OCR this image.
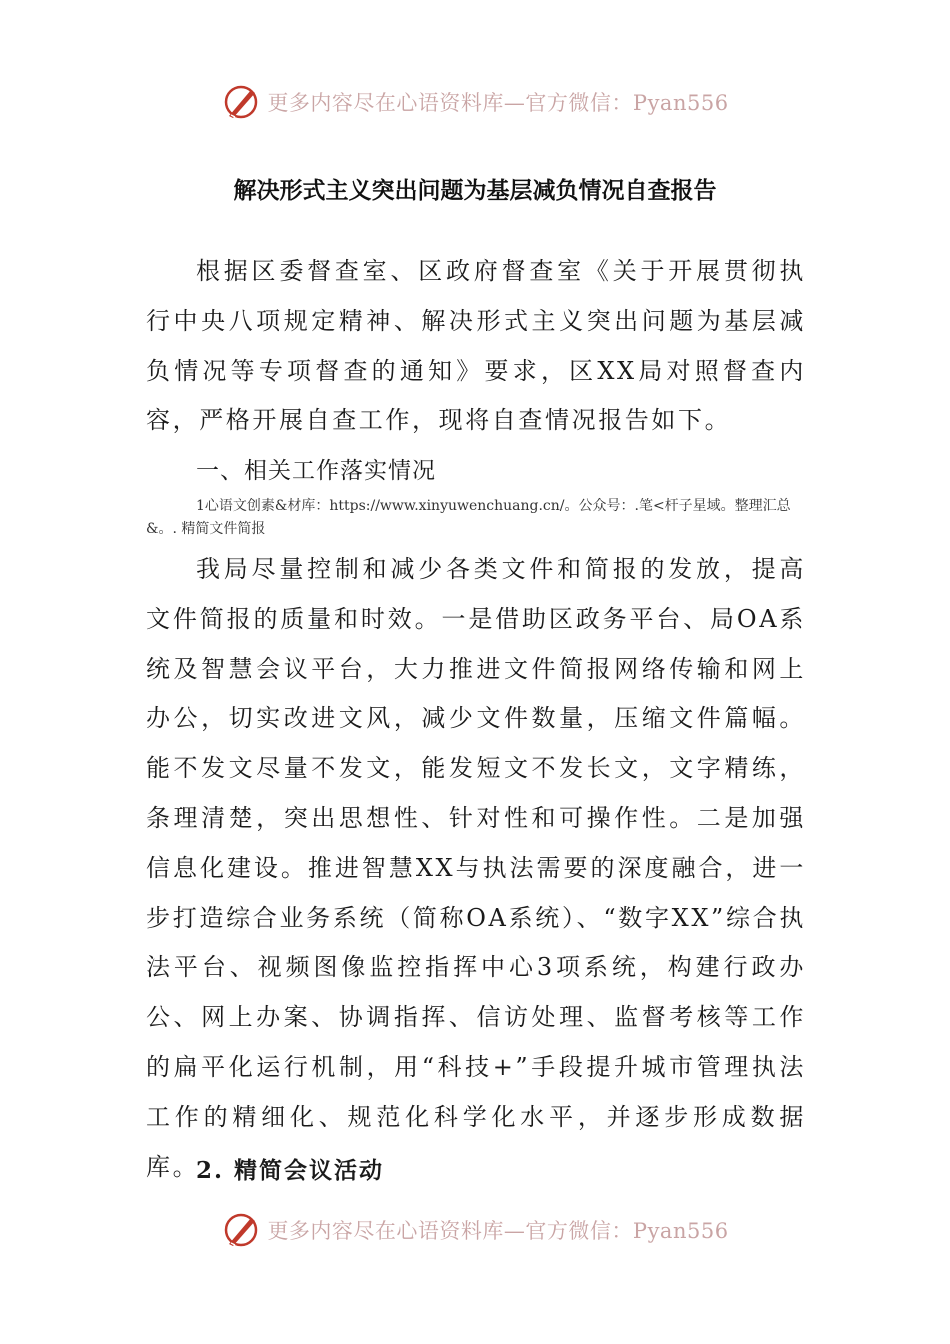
更多内容尽在心语资料库—官方微信：Pyan556
解决形式主义突出问题为基层减负情况自查报告

根据区委督查室、区政府督查室《关于开展贯彻执行中央八项规定精神、解决形式主义突出问题为基层减负情况等专项督查的通知》要求，区XX局对照督查内容，严格开展自查工作，现将自查情况报告如下。

一、相关工作落实情况

1心语文创素&材库：https://www.xinyuwenchuang.cn/。公众号：.笔<杆子星域。整理汇总&。. 精简文件简报

我局尽量控制和减少各类文件和简报的发放，提高文件简报的质量和时效。一是借助区政务平台、局OA系统及智慧会议平台，大力推进文件简报网络传输和网上办公，切实改进文风，减少文件数量，压缩文件篇幅。能不发文尽量不发文，能发短文不发长文，文字精练，条理清楚，突出思想性、针对性和可操作性。二是加强信息化建设。推进智慧XX与执法需要的深度融合，进一步打造综合业务系统（简称OA系统）、“数字XX”综合执法平台、视频图像监控指挥中心3项系统，构建行政办公、网上办案、协调指挥、信访处理、监督考核等工作的扁平化运行机制，用“科技+”手段提升城市管理执法工作的精细化、规范化科学化水平，并逐步形成数据库。

2. 精简会议活动
更多内容尽在心语资料库—官方微信：Pyan556
